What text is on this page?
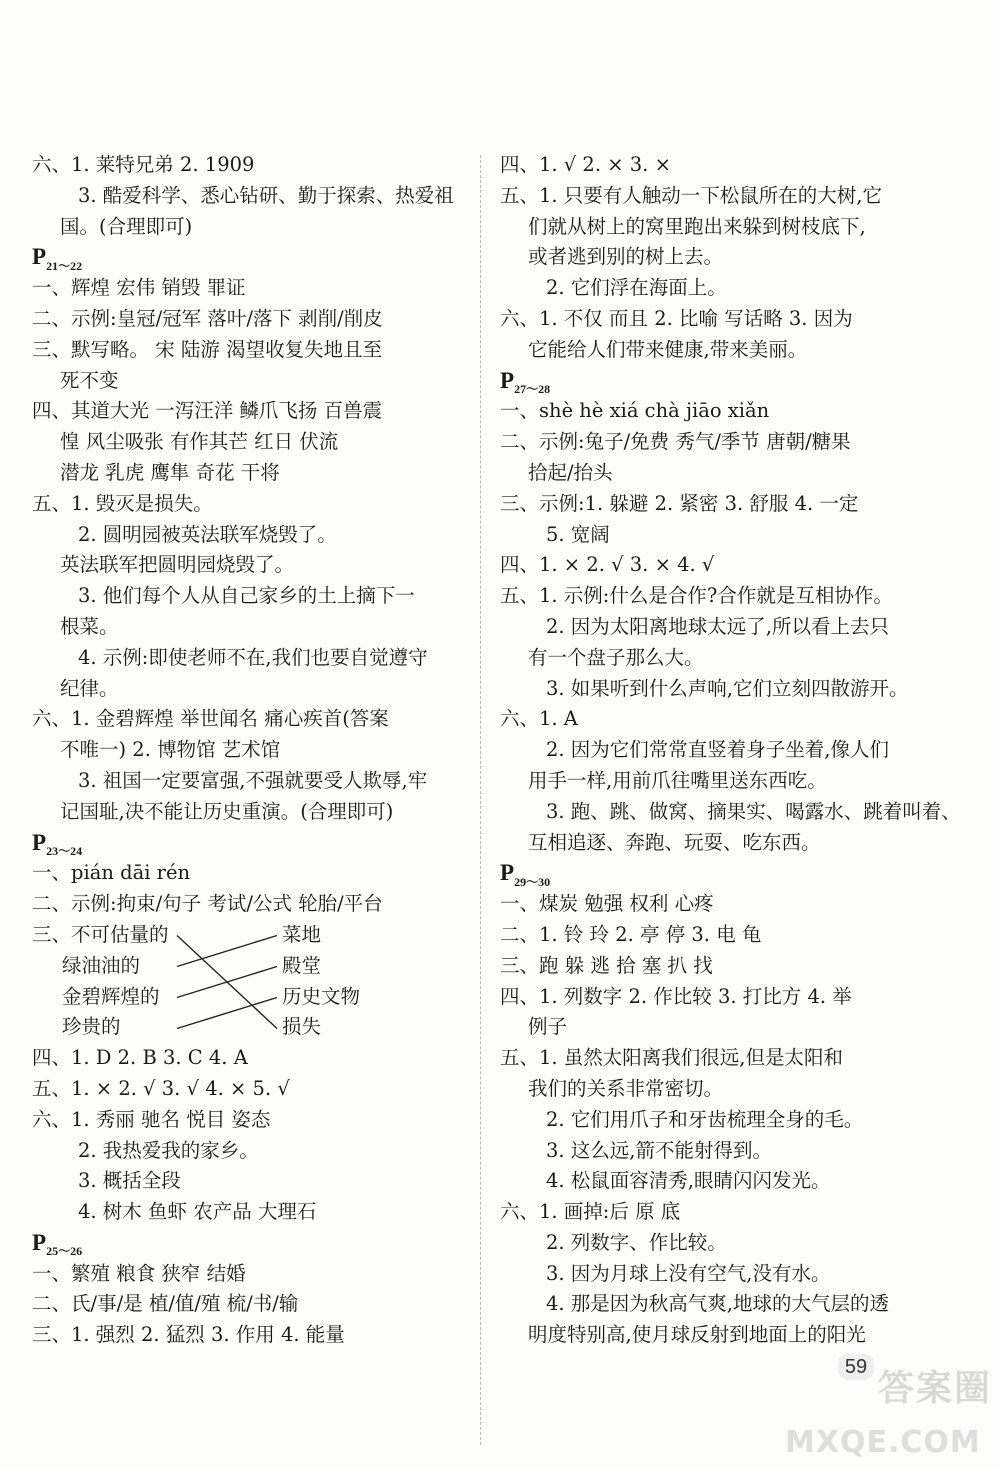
六、1. 莱特兄弟 2. 1909
3. 酷爱科学、悉心钻研、勤于探索、热爱祖
国。(合理即可)
$P_{21\sim 22}$
一、辉煌 宏伟 销毁 罪证
二、示例:皇冠/冠军 落叶/落下 剥削/削皮
三、默写略。 宋 陆游 渴望收复失地且至
死不变
四、其道大光 一泻汪洋 鳞爪飞扬 百兽震
惶 风尘吸张 有作其芒 红日 伏流
潜龙 乳虎 鹰隼 奇花 干将
五、1. 毁灭是损失。
2. 圆明园被英法联军烧毁了。
英法联军把圆明园烧毁了。
3. 他们每个人从自己家乡的土上摘下一
根菜。
4. 示例:即使老师不在,我们也要自觉遵守
纪律。
六、1. 金碧辉煌 举世闻名 痛心疾首(答案
不唯一) 2. 博物馆 艺术馆
3. 祖国一定要富强,不强就要受人欺辱,牢
记国耻,决不能让历史重演。(合理即可)
$P_{23\sim 24}$
一、pián dāi rén
二、示例:拘束/句子 考试/公式 轮胎/平台
三、不可估量的	菜地
绿油油的	殿堂
金碧辉煌的	历史文物
珍贵的	损失
四、1. D 2. B 3. C 4. A
五、1. × 2. √ 3. √ 4. × 5. √
六、1. 秀丽 驰名 悦目 姿态
2. 我热爱我的家乡。
3. 概括全段
4. 树木 鱼虾 农产品 大理石
$P_{25\sim 26}$
一、繁殖 粮食 狭窄 结婚
二、氏/事/是 植/值/殖 梳/书/输
三、1. 强烈 2. 猛烈 3. 作用 4. 能量
四、1. √ 2. × 3. ×
五、1. 只要有人触动一下松鼠所在的大树,它
们就从树上的窝里跑出来躲到树枝底下,
或者逃到别的树上去。
2. 它们浮在海面上。
六、1. 不仅 而且 2. 比喻 写话略 3. 因为
它能给人们带来健康,带来美丽。
$P_{27\sim 28}$
一、shè hè xiá chà jiāo xiǎn
二、示例:兔子/免费 秀气/季节 唐朝/糖果
拾起/抬头
三、示例:1. 躲避 2. 紧密 3. 舒服 4. 一定
5. 宽阔
四、1. × 2. √ 3. × 4. √
五、1. 示例:什么是合作?合作就是互相协作。
2. 因为太阳离地球太远了,所以看上去只
有一个盘子那么大。
3. 如果听到什么声响,它们立刻四散游开。
六、1. A
2. 因为它们常常直竖着身子坐着,像人们
用手一样,用前爪往嘴里送东西吃。
3. 跑、跳、做窝、摘果实、喝露水、跳着叫着、
互相追逐、奔跑、玩耍、吃东西。
$P_{29\sim 30}$
一、煤炭 勉强 权利 心疼
二、1. 铃 玲 2. 亭 停 3. 电 龟
三、跑 躲 逃 拾 塞 扒 找
四、1. 列数字 2. 作比较 3. 打比方 4. 举
例子
五、1. 虽然太阳离我们很远,但是太阳和
我们的关系非常密切。
2. 它们用爪子和牙齿梳理全身的毛。
3. 这么远,箭不能射得到。
4. 松鼠面容清秀,眼睛闪闪发光。
六、1. 画掉:后 原 底
2. 列数字、作比较。
3. 因为月球上没有空气,没有水。
4. 那是因为秋高气爽,地球的大气层的透
明度特别高,使月球反射到地面上的阳光
59
答案圈
MXQE.COM
